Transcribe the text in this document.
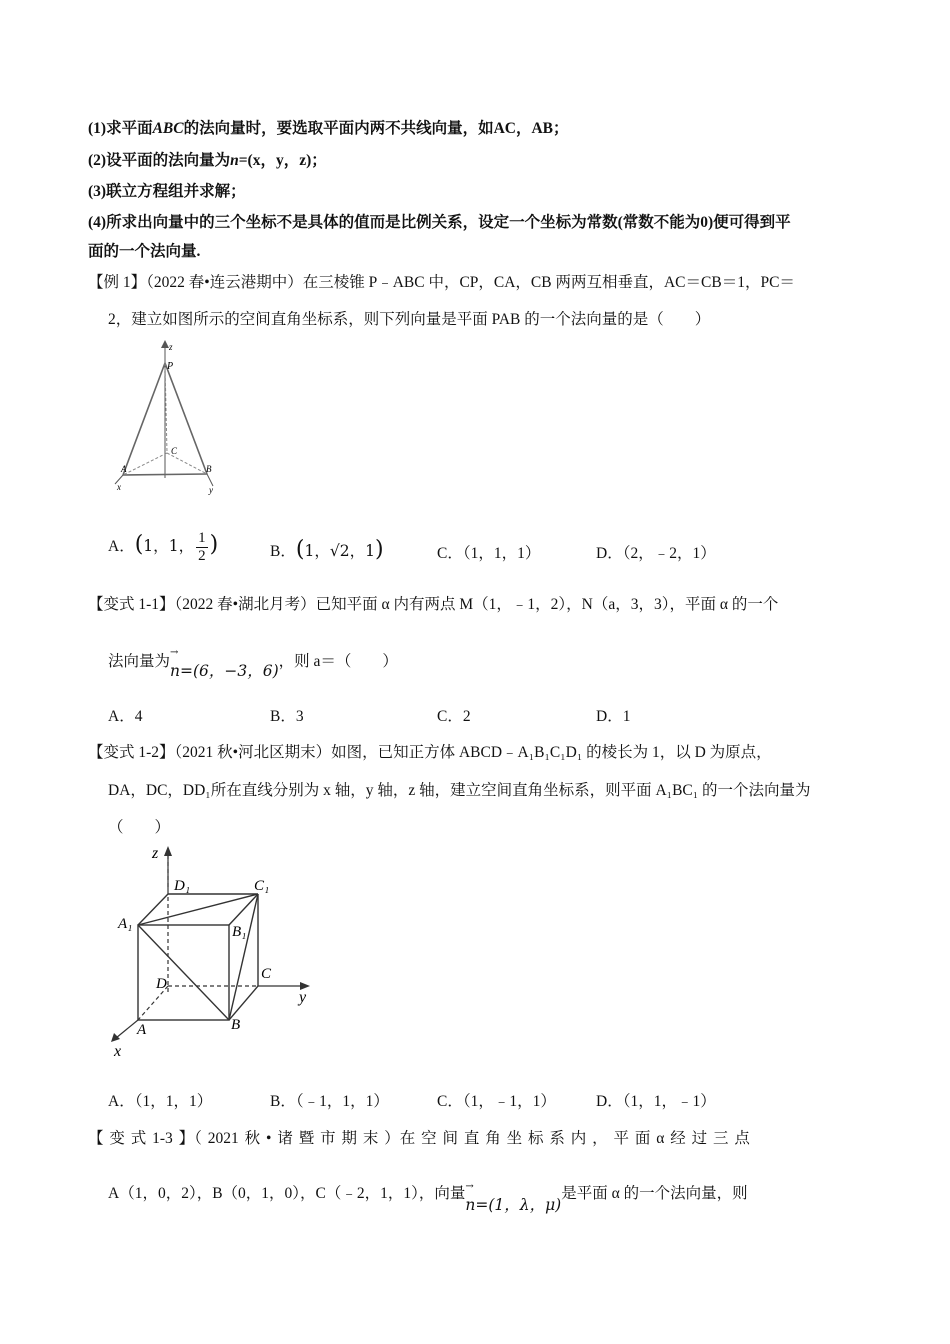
(1)求平面ABC的法向量时，要选取平面内两不共线向量，如AC，AB；
(2)设平面的法向量为n=(x，y，z)；
(3)联立方程组并求解；
(4)所求出向量中的三个坐标不是具体的值而是比例关系，设定一个坐标为常数(常数不能为0)便可得到平
面的一个法向量.
【例 1】（2022 春•连云港期中）在三棱锥 P﹣ABC 中，CP，CA，CB 两两互相垂直，AC＝CB＝1，PC＝
2，建立如图所示的空间直角坐标系，则下列向量是平面 PAB 的一个法向量的是（　　）
z
P
C
A	B
x	y
A．(1，1， $\frac{1}{2}$ )	B．(1，√2，1)	C．（1，1，1）	D．（2，﹣2，1）
【变式 1-1】（2022 春•湖北月考）已知平面 α 内有两点 M（1，﹣1，2），N（a，3，3），平面 α 的一个
法向量为→ n=(6，−3，6)，则 a＝（　　）
A．4	B．3	C．2	D．1
【变式 1-2】（2021 秋•河北区期末）如图，已知正方体 ABCD﹣A₁B₁C₁D₁ 的棱长为 1，以 D 为原点，
DA，DC，DD₁所在直线分别为 x 轴，y 轴，z 轴，建立空间直角坐标系，则平面 A₁BC₁ 的一个法向量为
（　　）
z
D₁	C₁
A₁	B₁
C
D
A	B
x
y
A．（1，1，1）	B．（﹣1，1，1）	C．（1，﹣1，1）	D．（1，1，﹣1）
【 变 式 1-3 】（ 2021 秋 • 诸 暨 市 期 末 ）在 空 间 直 角 坐 标 系 内 ， 平 面 α 经 过 三 点
A（1，0，2），B（0，1，0），C（﹣2，1，1），向量→ n=(1，λ，μ)是平面 α 的一个法向量，则
